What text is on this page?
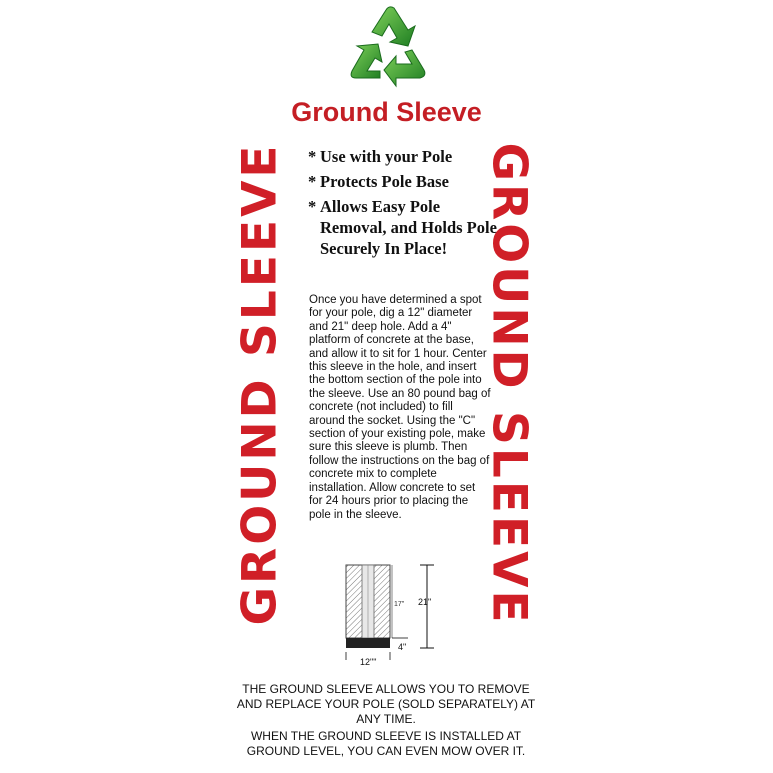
Ground Sleeve
GROUND SLEEVE	GROUND SLEEVE
* Use with your Pole
* Protects Pole Base
* Allows Easy Pole Removal, and Holds Pole Securely In Place!
Once you have determined a spot for your pole, dig a 12" diameter and 21" deep hole. Add a 4" platform of concrete at the base, and allow it to sit for 1 hour. Center this sleeve in the hole, and insert the bottom section of the pole into the sleeve. Use an 80 pound bag of concrete (not included) to fill around the socket. Using the "C" section of your existing pole, make sure this sleeve is plumb. Then follow the instructions on the bag of concrete mix to complete installation. Allow concrete to set for 24 hours prior to placing the pole in the sleeve.
17" 21"
4"
12""
THE GROUND SLEEVE ALLOWS YOU TO REMOVE AND REPLACE YOUR POLE (SOLD SEPARATELY) AT ANY TIME.
WHEN THE GROUND SLEEVE IS INSTALLED AT GROUND LEVEL, YOU CAN EVEN MOW OVER IT.
